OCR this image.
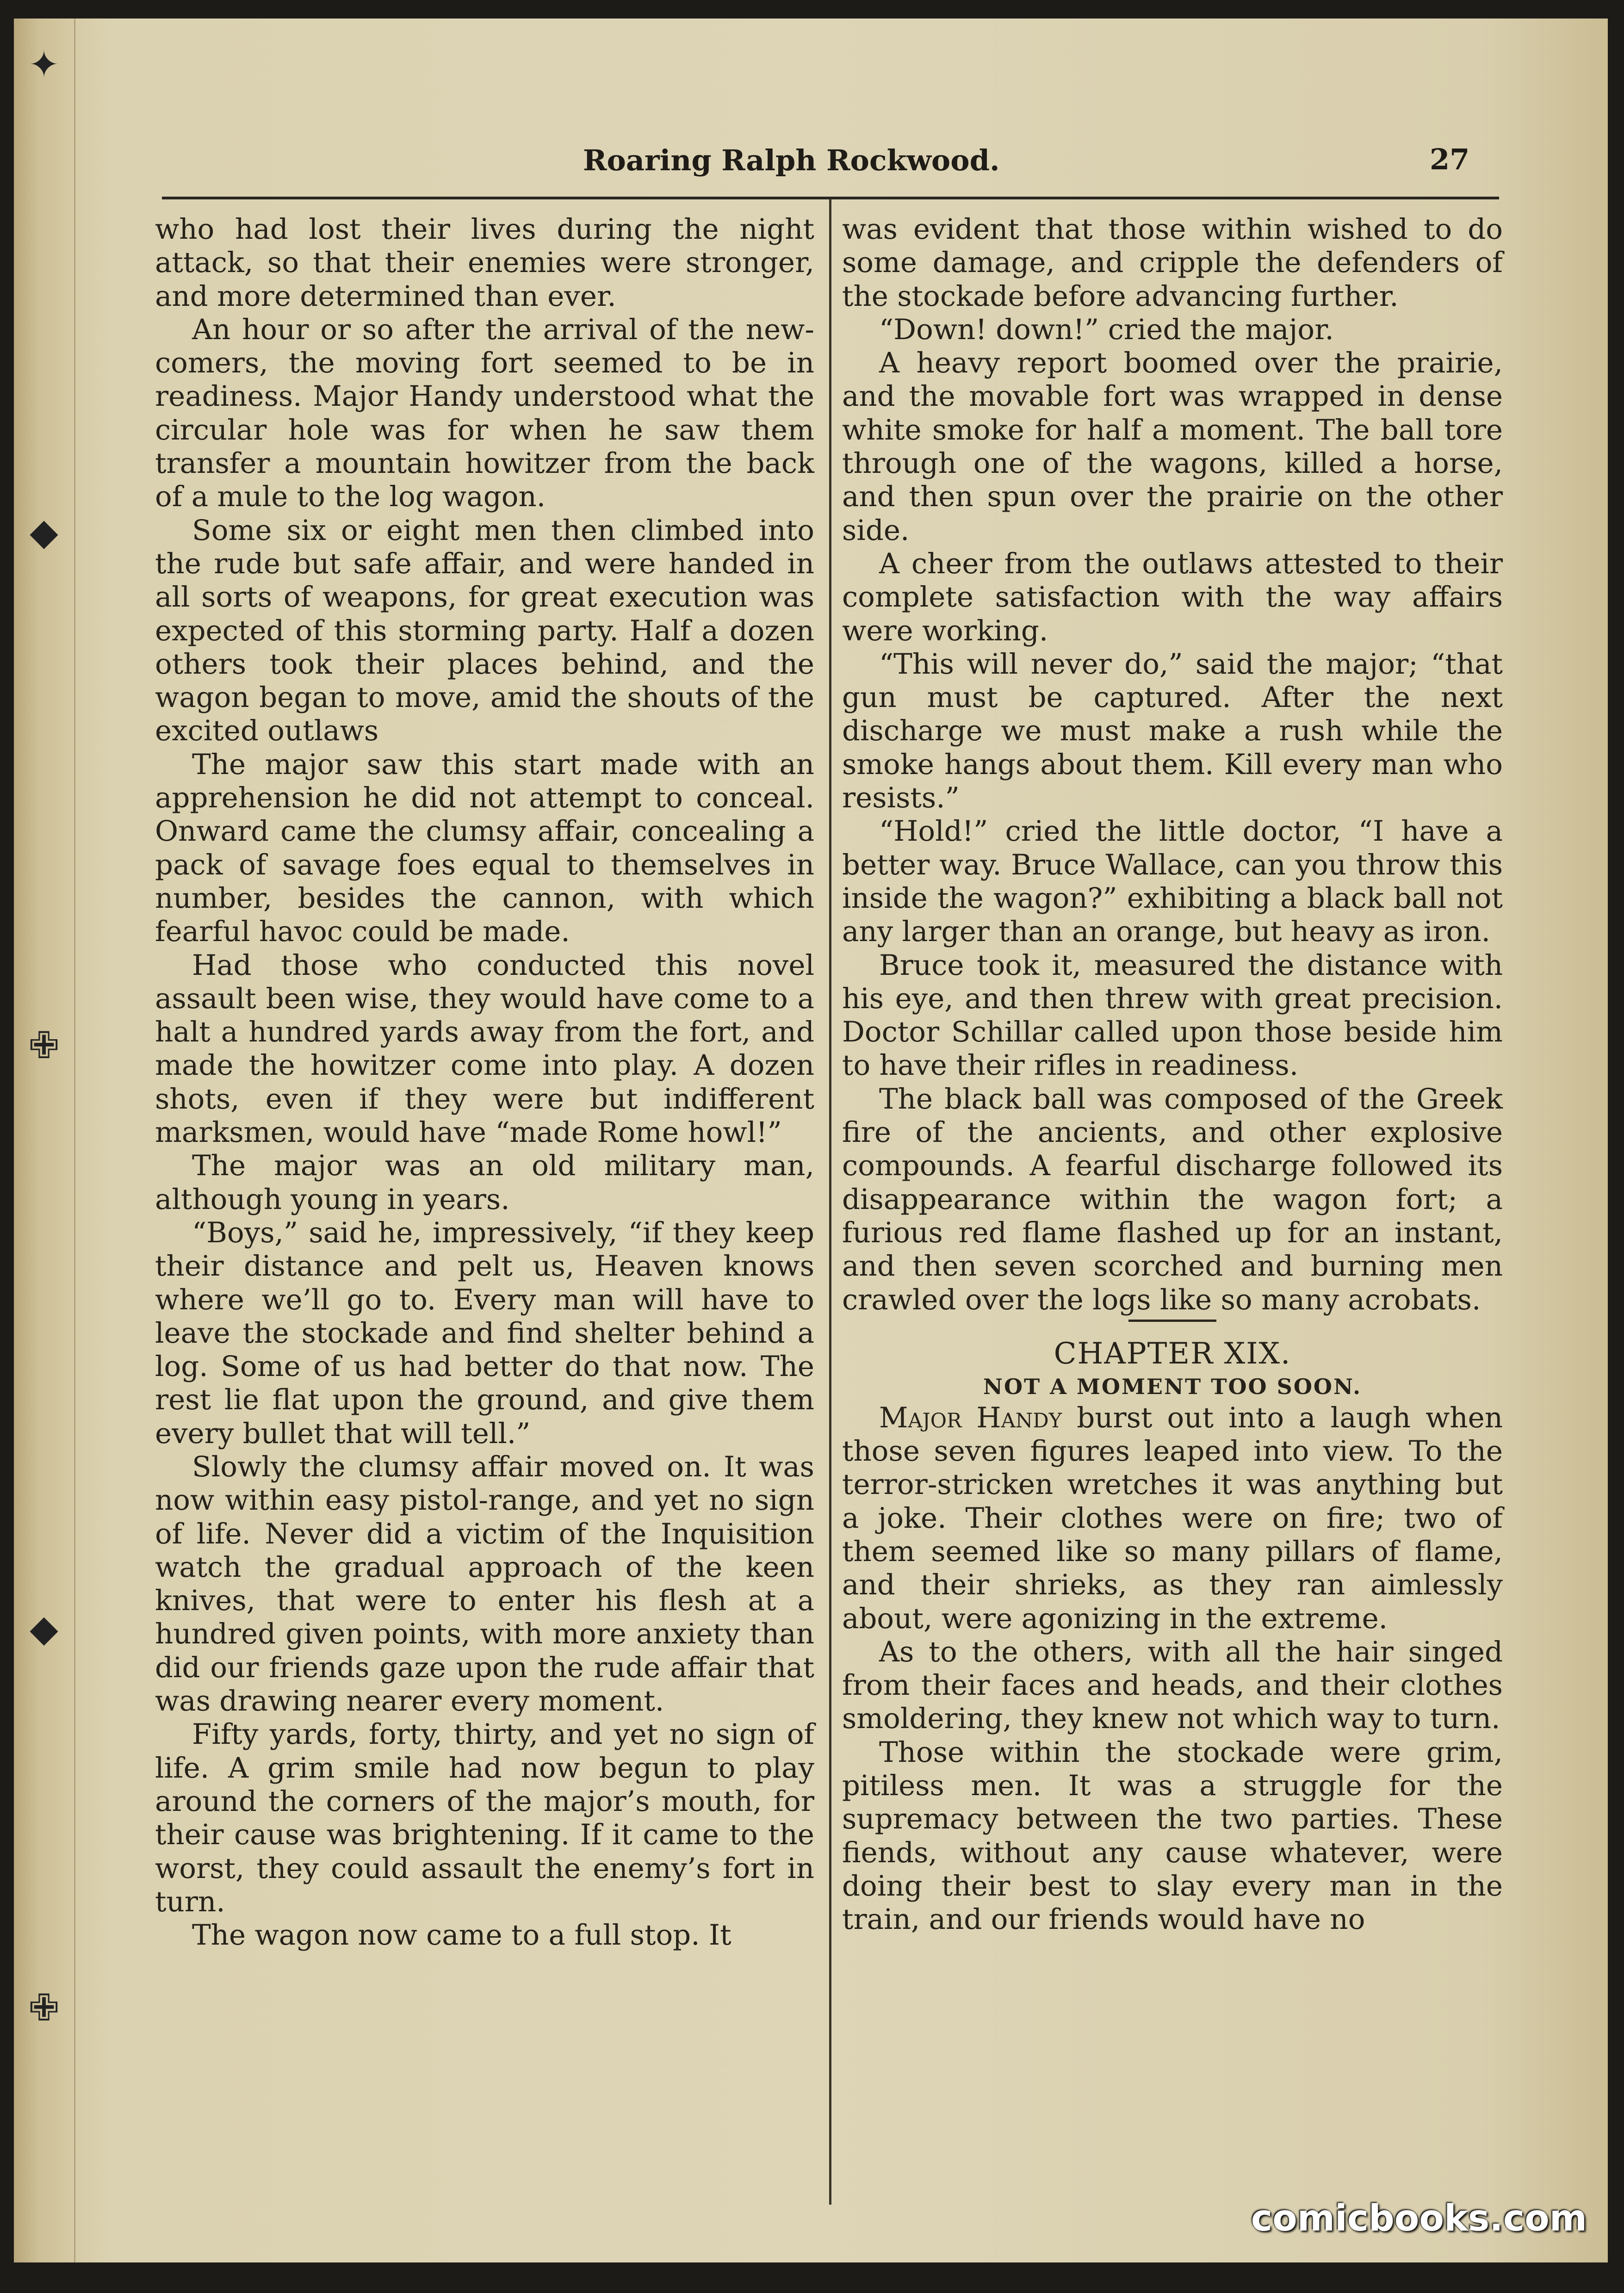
✦
◆
✙
◆
✙
Roaring Ralph Rockwood.	27

who had lost their lives during the night attack, so that their enemies were stronger, and more determined than ever.

An hour or so after the arrival of the new-comers, the moving fort seemed to be in readiness. Major Handy understood what the circular hole was for when he saw them transfer a mountain howitzer from the back of a mule to the log wagon.

Some six or eight men then climbed into the rude but safe affair, and were handed in all sorts of weapons, for great execution was expected of this storming party. Half a dozen others took their places behind, and the wagon began to move, amid the shouts of the excited outlaws

The major saw this start made with an apprehension he did not attempt to conceal. Onward came the clumsy affair, concealing a pack of savage foes equal to themselves in number, besides the cannon, with which fearful havoc could be made.

Had those who conducted this novel assault been wise, they would have come to a halt a hundred yards away from the fort, and made the howitzer come into play. A dozen shots, even if they were but indifferent marksmen, would have “made Rome howl!”

The major was an old military man, although young in years.

“Boys,” said he, impressively, “if they keep their distance and pelt us, Heaven knows where we’ll go to. Every man will have to leave the stockade and find shelter behind a log. Some of us had better do that now. The rest lie flat upon the ground, and give them every bullet that will tell.”

Slowly the clumsy affair moved on. It was now within easy pistol-range, and yet no sign of life. Never did a victim of the Inquisition watch the gradual approach of the keen knives, that were to enter his flesh at a hundred given points, with more anxiety than did our friends gaze upon the rude affair that was drawing nearer every moment.

Fifty yards, forty, thirty, and yet no sign of life. A grim smile had now begun to play around the corners of the major’s mouth, for their cause was brightening. If it came to the worst, they could assault the enemy’s fort in turn.

The wagon now came to a full stop. It

was evident that those within wished to do some damage, and cripple the defenders of the stockade before advancing further.

“Down! down!” cried the major.

A heavy report boomed over the prairie, and the movable fort was wrapped in dense white smoke for half a moment. The ball tore through one of the wagons, killed a horse, and then spun over the prairie on the other side.

A cheer from the outlaws attested to their complete satisfaction with the way affairs were working.

“This will never do,” said the major; “that gun must be captured. After the next discharge we must make a rush while the smoke hangs about them. Kill every man who resists.”

“Hold!” cried the little doctor, “I have a better way. Bruce Wallace, can you throw this inside the wagon?” exhibiting a black ball not any larger than an orange, but heavy as iron.

Bruce took it, measured the distance with his eye, and then threw with great precision. Doctor Schillar called upon those beside him to have their rifles in readiness.

The black ball was composed of the Greek fire of the ancients, and other explosive compounds. A fearful discharge followed its disappearance within the wagon fort; a furious red flame flashed up for an instant, and then seven scorched and burning men crawled over the logs like so many acrobats.

CHAPTER XIX.
NOT A MOMENT TOO SOON.

Major Handy burst out into a laugh when those seven figures leaped into view. To the terror-stricken wretches it was anything but a joke. Their clothes were on fire; two of them seemed like so many pillars of flame, and their shrieks, as they ran aimlessly about, were agonizing in the extreme.

As to the others, with all the hair singed from their faces and heads, and their clothes smoldering, they knew not which way to turn.

Those within the stockade were grim, pitiless men. It was a struggle for the supremacy between the two parties. These fiends, without any cause whatever, were doing their best to slay every man in the train, and our friends would have no

comicbooks.com
